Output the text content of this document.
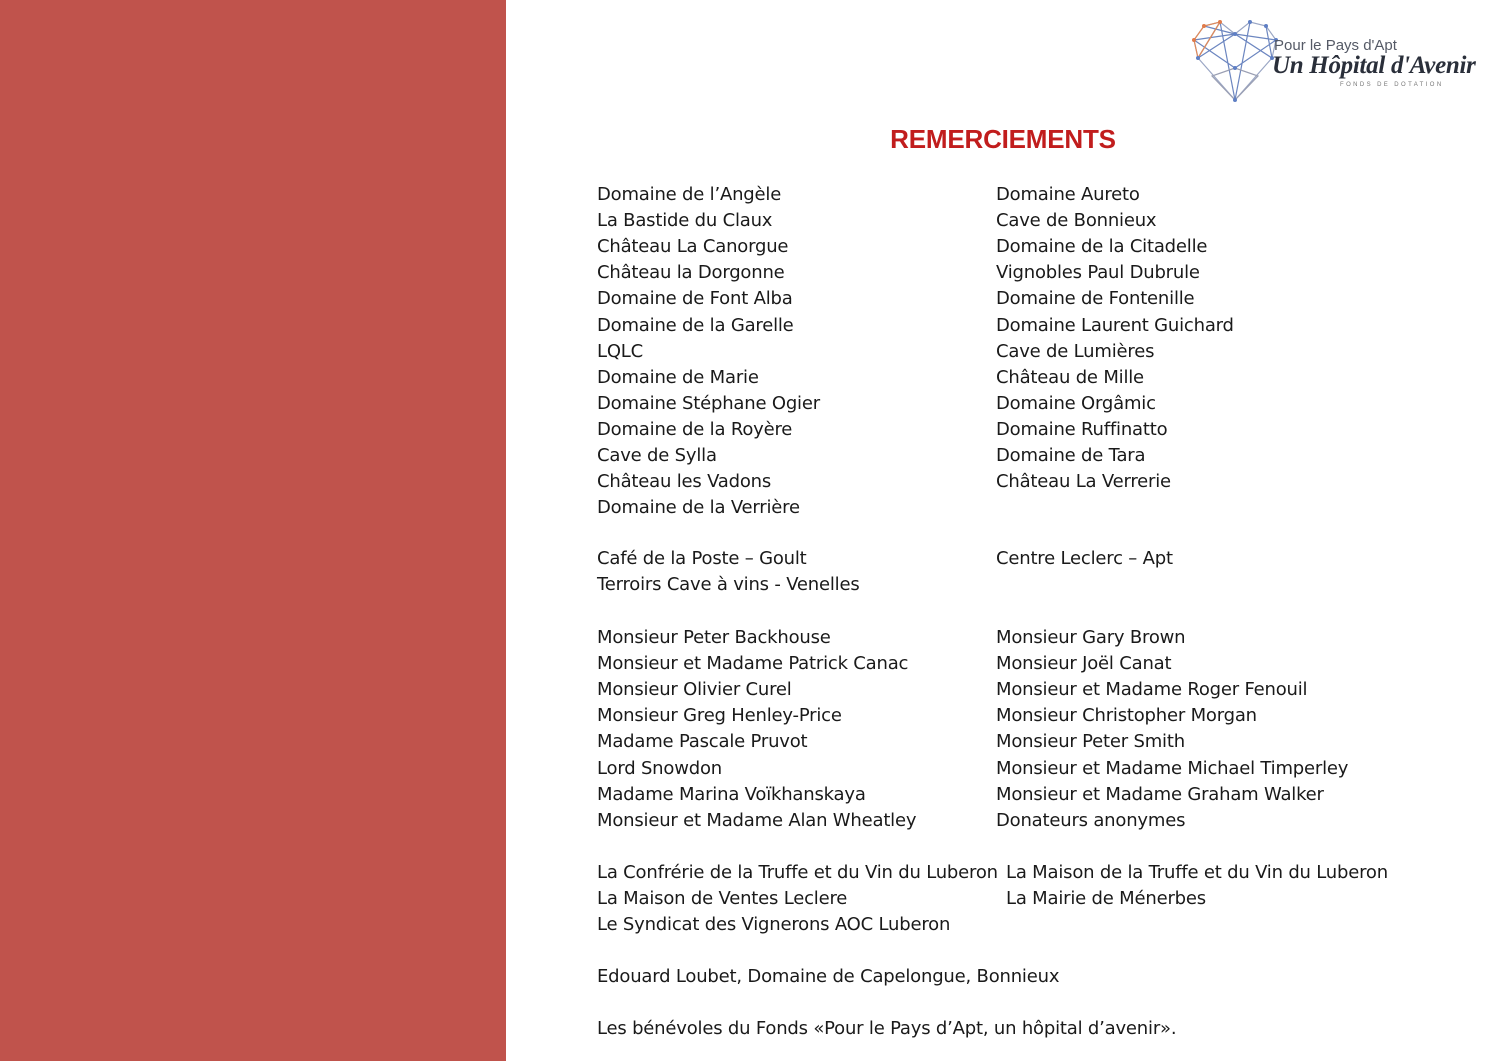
Pour le Pays d'Apt
Un Hôpital d'Avenir
FONDS DE DOTATION
REMERCIEMENTS
Domaine de l’Angèle
La Bastide du Claux
Château La Canorgue
Château la Dorgonne
Domaine de Font Alba
Domaine de la Garelle
LQLC
Domaine de Marie
Domaine Stéphane Ogier
Domaine de la Royère
Cave de Sylla
Château les Vadons
Domaine de la Verrière
Domaine Aureto
Cave de Bonnieux
Domaine de la Citadelle
Vignobles Paul Dubrule
Domaine de Fontenille
Domaine Laurent Guichard
Cave de Lumières
Château de Mille
Domaine Orgâmic
Domaine Ruffinatto
Domaine de Tara
Château La Verrerie
Café de la Poste – Goult
Terroirs Cave à vins - Venelles
Centre Leclerc – Apt
Monsieur Peter Backhouse
Monsieur et Madame Patrick Canac
Monsieur Olivier Curel
Monsieur Greg Henley-Price
Madame Pascale Pruvot
Lord Snowdon
Madame Marina Voïkhanskaya
Monsieur et Madame Alan Wheatley
Monsieur Gary Brown
Monsieur Joël Canat
Monsieur et Madame Roger Fenouil
Monsieur Christopher Morgan
Monsieur Peter Smith
Monsieur et Madame Michael Timperley
Monsieur et Madame Graham Walker
Donateurs anonymes
La Confrérie de la Truffe et du Vin du Luberon
La Maison de Ventes Leclere
Le Syndicat des Vignerons AOC Luberon
La Maison de la Truffe et du Vin du Luberon
La Mairie de Ménerbes
Edouard Loubet, Domaine de Capelongue, Bonnieux
Les bénévoles du Fonds «Pour le Pays d’Apt, un hôpital d’avenir».
